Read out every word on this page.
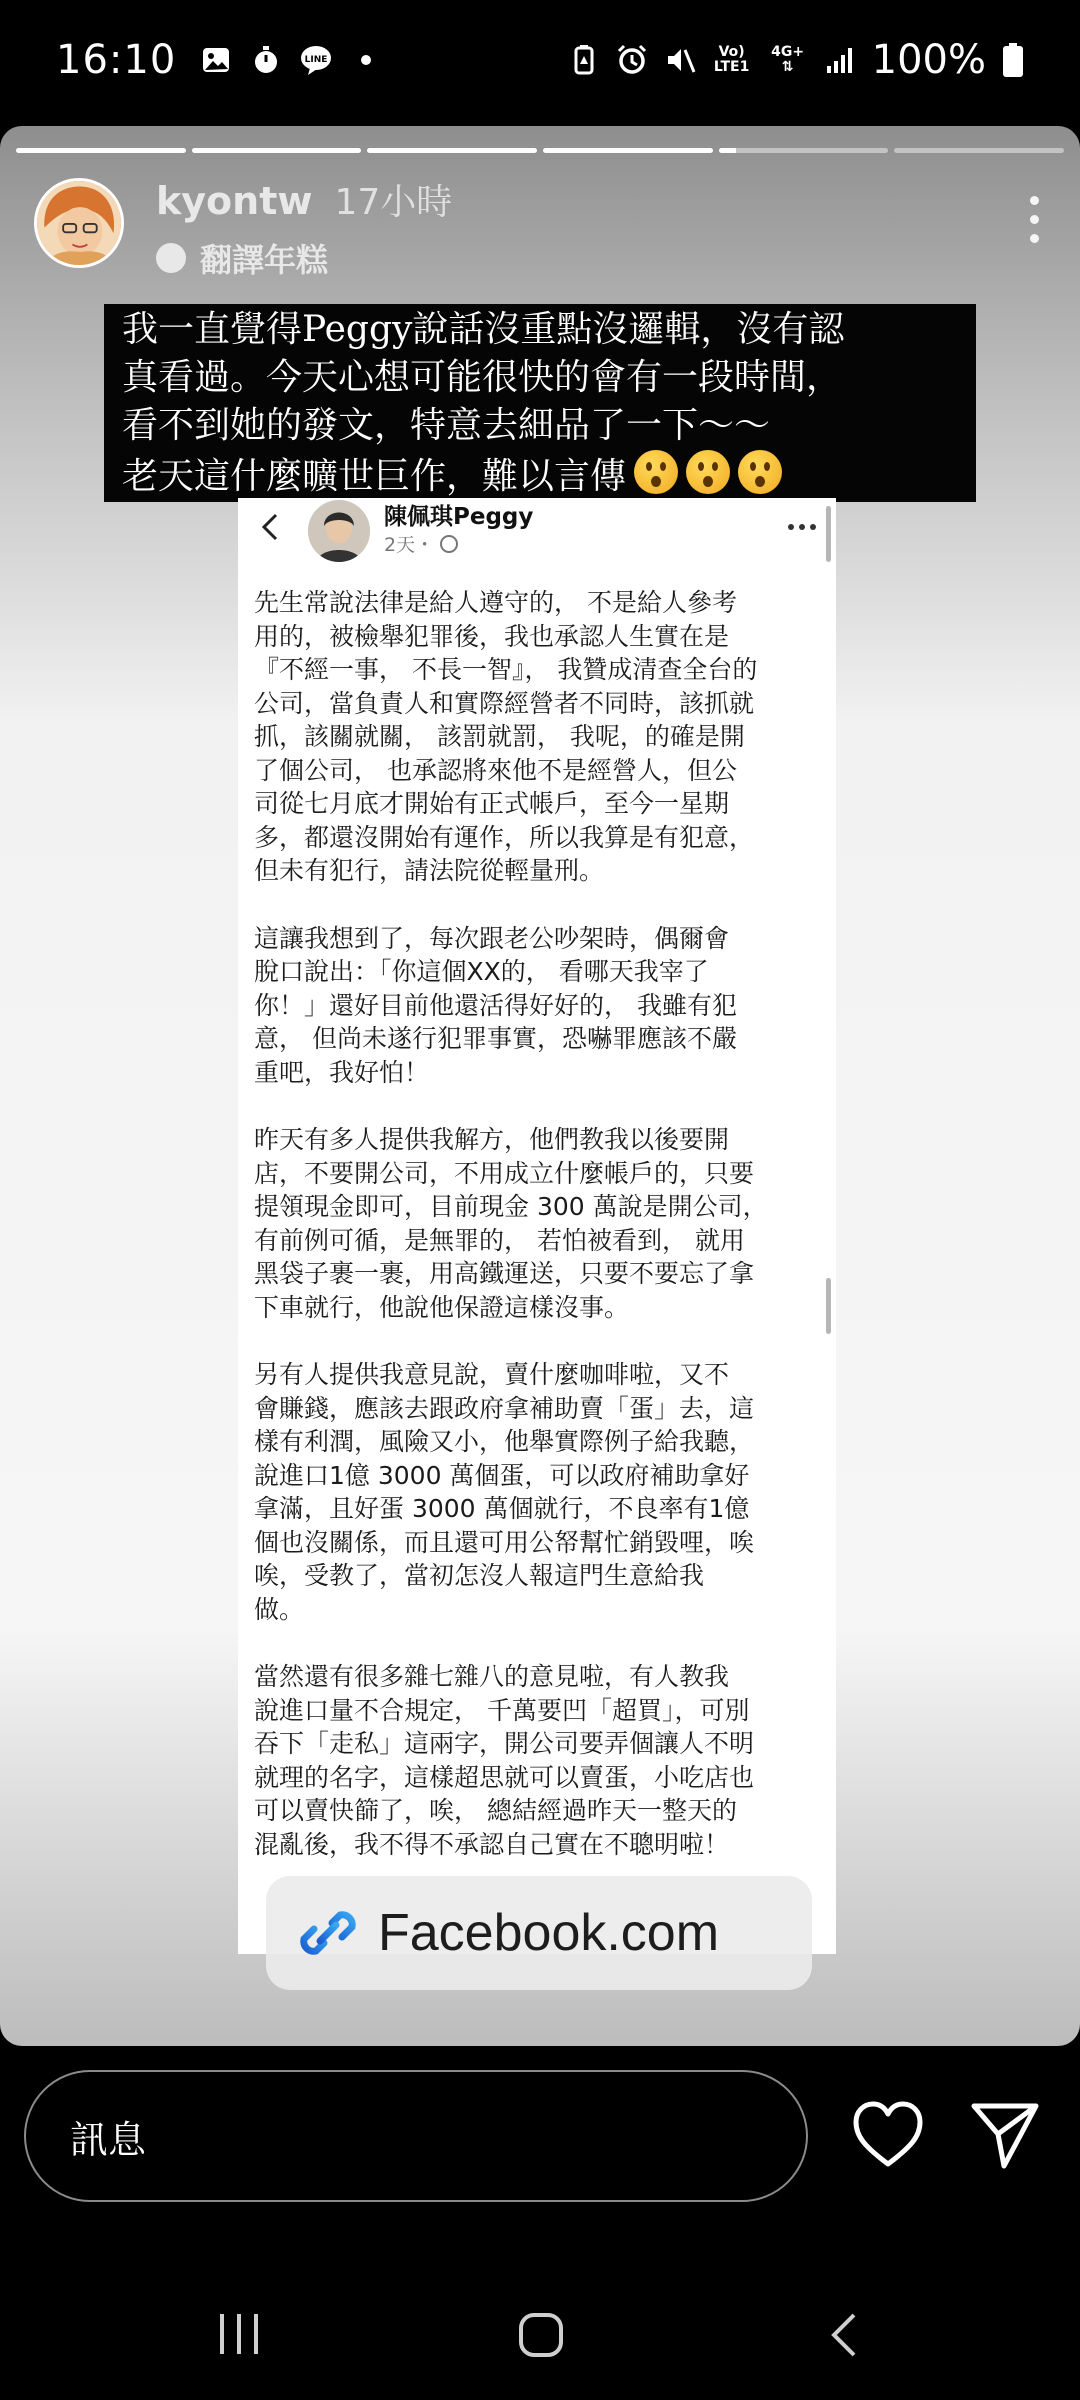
16:10	LINE	Vo)
LTE1
4G+
⇅ 100%
kyontw 17小時
翻譯年糕
我一直覺得Peggy說話沒重點沒邏輯，沒有認
真看過。今天心想可能很快的會有一段時間，
看不到她的發文，特意去細品了一下～～
老天這什麼曠世巨作，難以言傳
陳佩琪Peggy
2天・
先生常說法律是給人遵守的， 不是給人參考
用的，被檢舉犯罪後，我也承認人生實在是
『不經一事， 不長一智』， 我贊成清查全台的
公司，當負責人和實際經營者不同時，該抓就
抓，該關就關， 該罰就罰， 我呢，的確是開
了個公司， 也承認將來他不是經營人，但公
司從七月底才開始有正式帳戶，至今一星期
多，都還沒開始有運作，所以我算是有犯意，
但未有犯行，請法院從輕量刑。
這讓我想到了，每次跟老公吵架時，偶爾會
脫口說出：「你這個XX的， 看哪天我宰了
你！」還好目前他還活得好好的， 我雖有犯
意， 但尚未遂行犯罪事實，恐嚇罪應該不嚴
重吧，我好怕！
昨天有多人提供我解方，他們教我以後要開
店，不要開公司，不用成立什麼帳戶的，只要
提領現金即可，目前現金 300 萬說是開公司，
有前例可循，是無罪的， 若怕被看到， 就用
黑袋子裹一裹，用高鐵運送，只要不要忘了拿
下車就行，他說他保證這樣沒事。
另有人提供我意見說，賣什麼咖啡啦，又不
會賺錢，應該去跟政府拿補助賣「蛋」去，這
樣有利潤，風險又小，他舉實際例子給我聽，
說進口1億 3000 萬個蛋，可以政府補助拿好
拿滿，且好蛋 3000 萬個就行，不良率有1億
個也沒關係，而且還可用公帑幫忙銷毀哩，唉
唉，受教了，當初怎沒人報這門生意給我
做。
當然還有很多雜七雜八的意見啦，有人教我
說進口量不合規定， 千萬要凹「超買」，可別
吞下「走私」這兩字，開公司要弄個讓人不明
就理的名字，這樣超思就可以賣蛋，小吃店也
可以賣快篩了，唉， 總結經過昨天一整天的
混亂後，我不得不承認自己實在不聰明啦！
Facebook.com
訊息
